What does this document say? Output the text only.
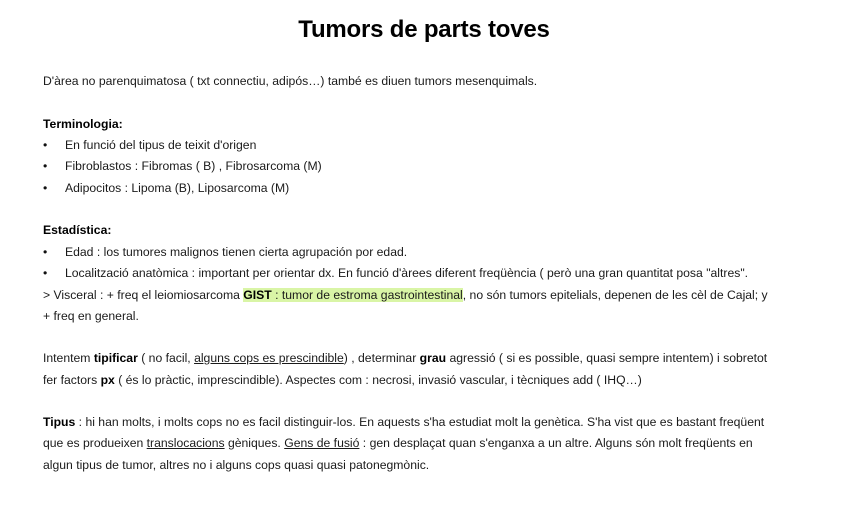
Tumors de parts toves
D'àrea no parenquimatosa ( txt connectiu, adipós…) també es diuen tumors mesenquimals.
Terminologia:
• En funció del tipus de teixit d'origen
• Fibroblastos : Fibromas ( B) , Fibrosarcoma (M)
• Adipocitos : Lipoma (B), Liposarcoma (M)
Estadística:
• Edad : los tumores malignos tienen cierta agrupación por edad.
• Localització anatòmica : important per orientar dx. En funció d'àrees diferent freqüència ( però una gran quantitat posa "altres".
> Visceral : + freq el leiomiosarcoma GIST : tumor de estroma gastrointestinal, no són tumors epitelials, depenen de les cèl de Cajal; y
+ freq en general.
Intentem tipificar ( no facil, alguns cops es prescindible) , determinar grau agressió ( si es possible, quasi sempre intentem) i sobretot
fer factors px ( és lo pràctic, imprescindible). Aspectes com : necrosi, invasió vascular, i tècniques add ( IHQ…)
Tipus : hi han molts, i molts cops no es facil distinguir-los. En aquests s'ha estudiat molt la genètica. S'ha vist que es bastant freqüent
que es produeixen translocacions gèniques. Gens de fusió : gen desplaçat quan s'enganxa a un altre. Alguns són molt freqüents en
algun tipus de tumor, altres no i alguns cops quasi quasi patonegmònic.
